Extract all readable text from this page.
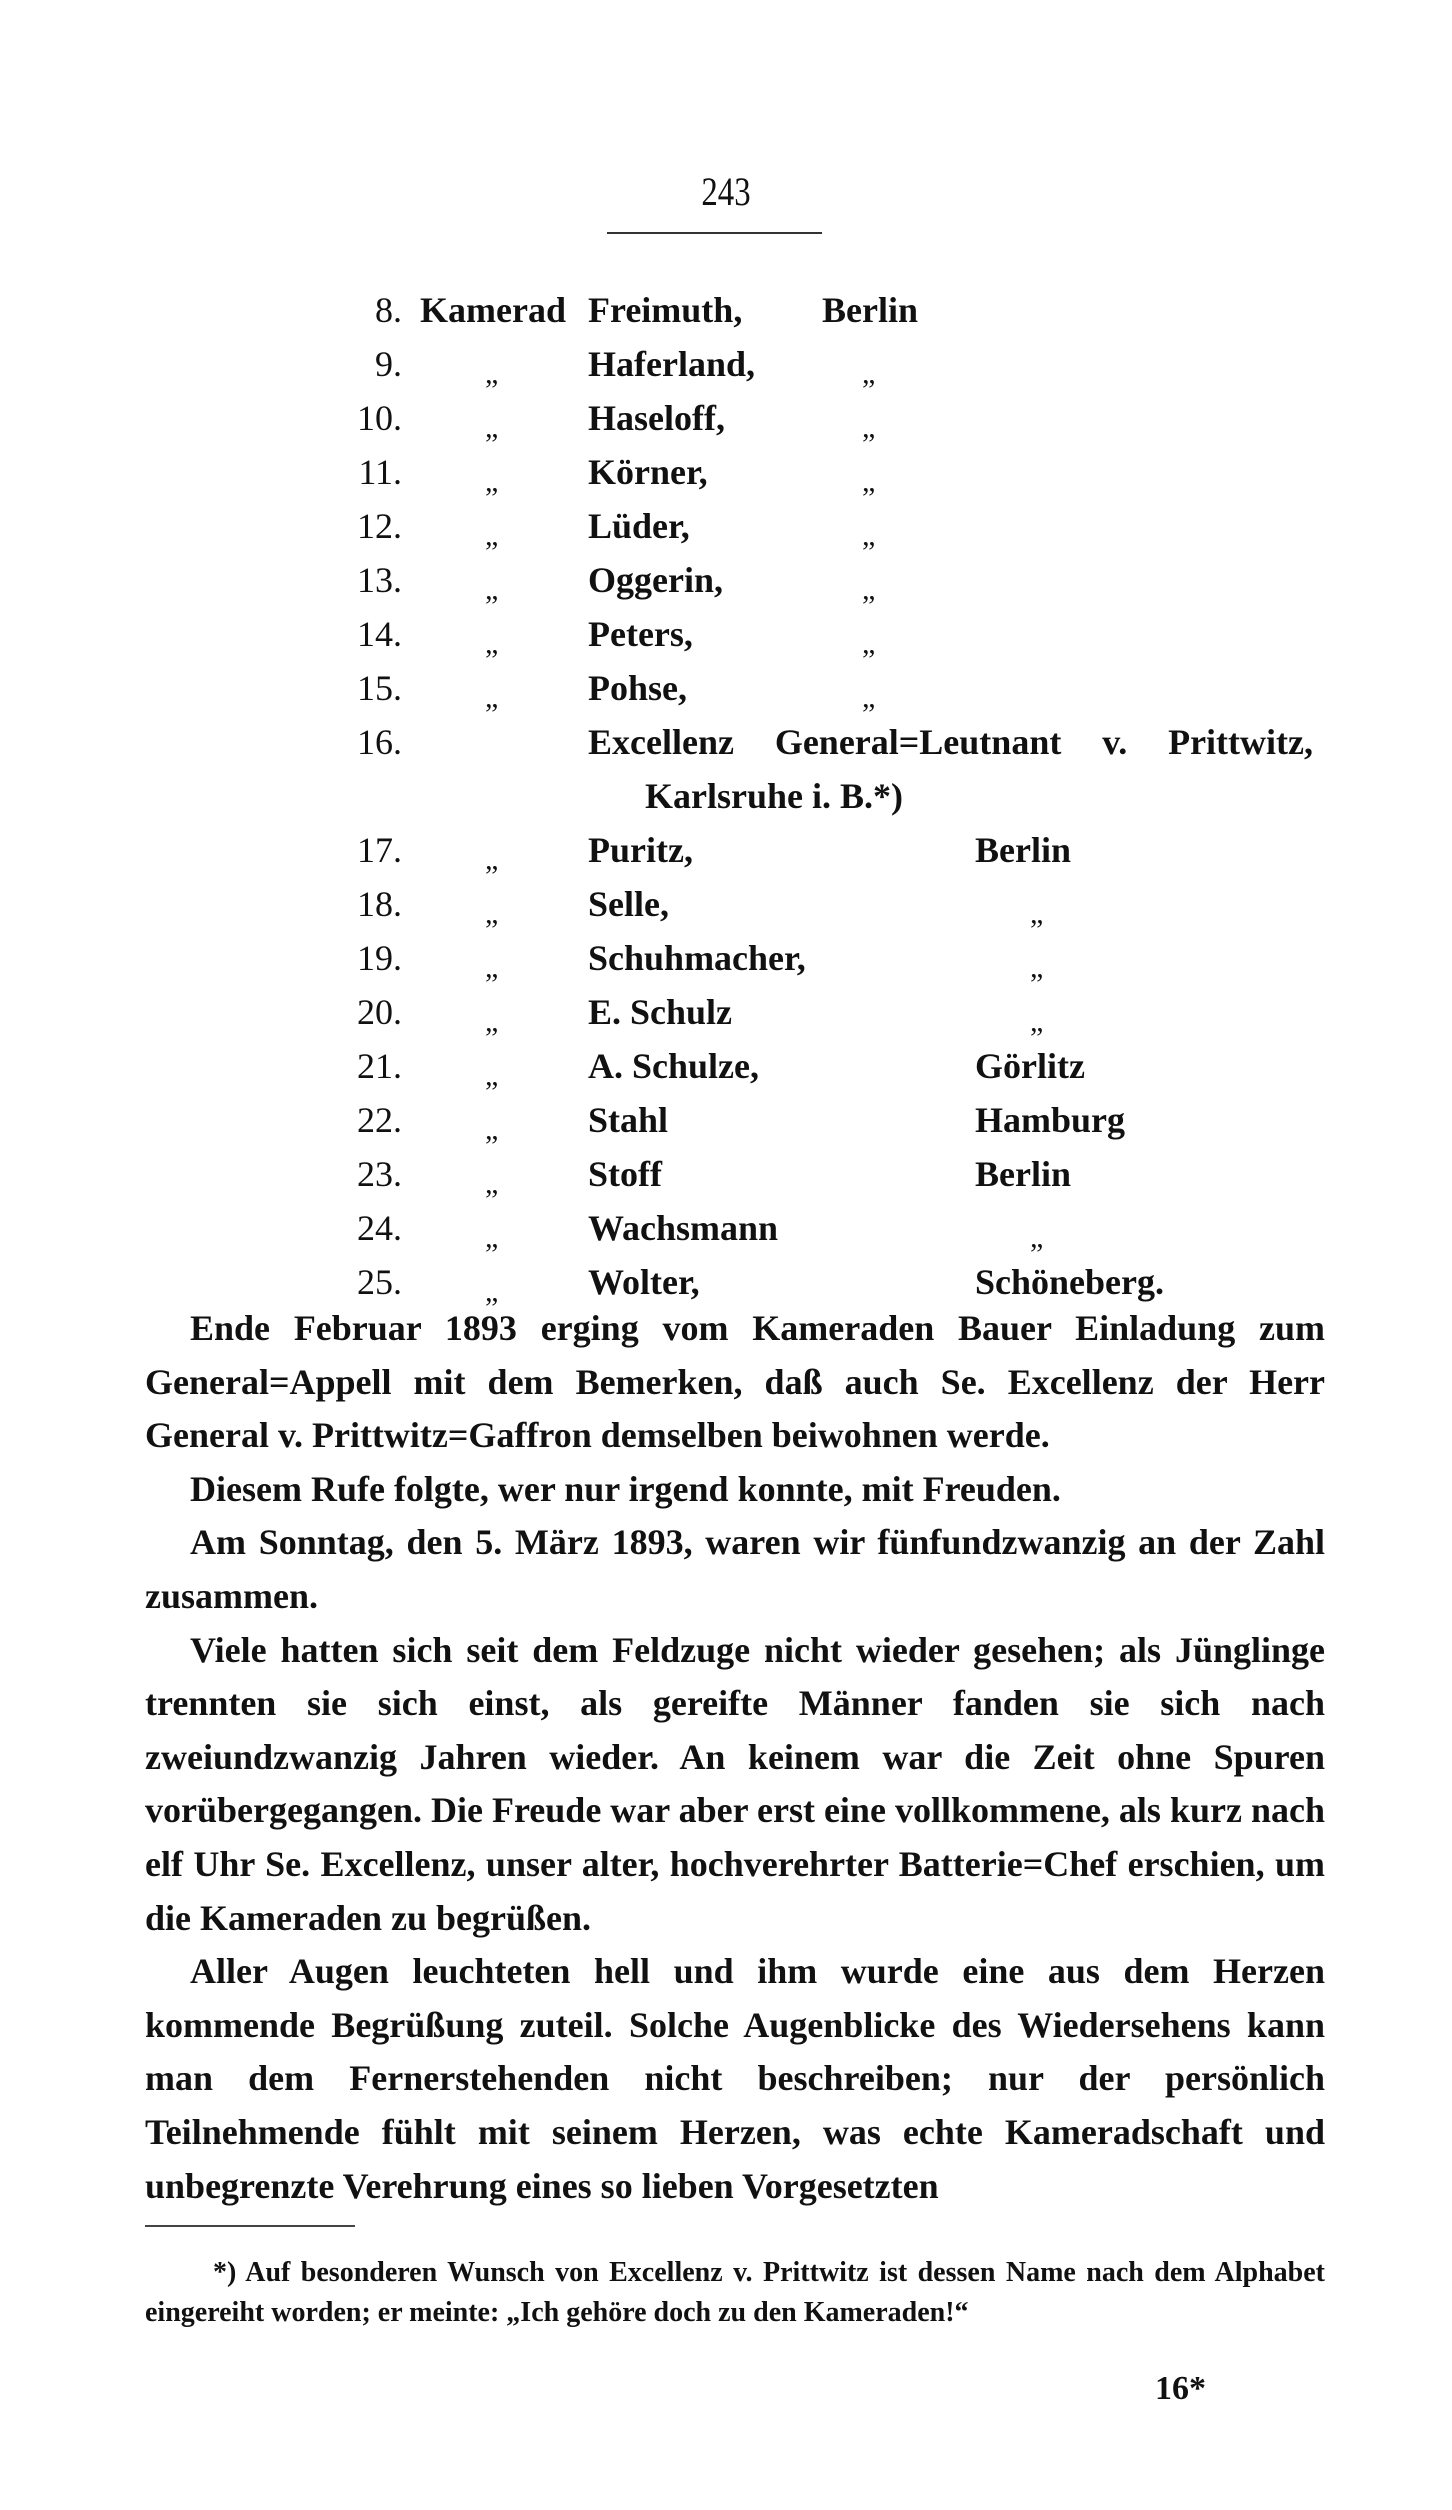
243
8. Kamerad Freimuth, Berlin
9.	„ Haferland,	„
10.	„ Haseloff,	„
11.	„ Körner,	„
12.	„ Lüder,	„
13.	„ Oggerin,	„
14.	„ Peters,	„
15.	„ Pohse,	„
16.	Excellenz General=Leutnant v. Prittwitz,
Karlsruhe i. B.*)
17.	„ Puritz,	Berlin
18.	„ Selle,	„
19.	„ Schuhmacher,	„
20.	„ E. Schulz	„
21.	„ A. Schulze,	Görlitz
22.	„ Stahl	Hamburg
23.	„ Stoff	Berlin
24.	„ Wachsmann	„
25.	„ Wolter,	Schöneberg.

Ende Februar 1893 erging vom Kameraden Bauer Einladung zum General=Appell mit dem Bemerken, daß auch Se. Excellenz der Herr General v. Prittwitz=Gaffron demselben beiwohnen werde.

Diesem Rufe folgte, wer nur irgend konnte, mit Freuden.

Am Sonntag, den 5. März 1893, waren wir fünfundzwanzig an der Zahl zusammen.

Viele hatten sich seit dem Feldzuge nicht wieder gesehen; als Jünglinge trennten sie sich einst, als gereifte Männer fanden sie sich nach zweiundzwanzig Jahren wieder. An keinem war die Zeit ohne Spuren vorübergegangen. Die Freude war aber erst eine vollkommene, als kurz nach elf Uhr Se. Excellenz, unser alter, hochverehrter Batterie=Chef erschien, um die Kameraden zu begrüßen.

Aller Augen leuchteten hell und ihm wurde eine aus dem Herzen kommende Begrüßung zuteil. Solche Augenblicke des Wiedersehens kann man dem Fernerstehenden nicht beschreiben; nur der persönlich Teilnehmende fühlt mit seinem Herzen, was echte Kameradschaft und unbegrenzte Verehrung eines so lieben Vorgesetzten

*) Auf besonderen Wunsch von Excellenz v. Prittwitz ist dessen Name nach dem Alphabet eingereiht worden; er meinte: „Ich gehöre doch zu den Kameraden!“

16*
